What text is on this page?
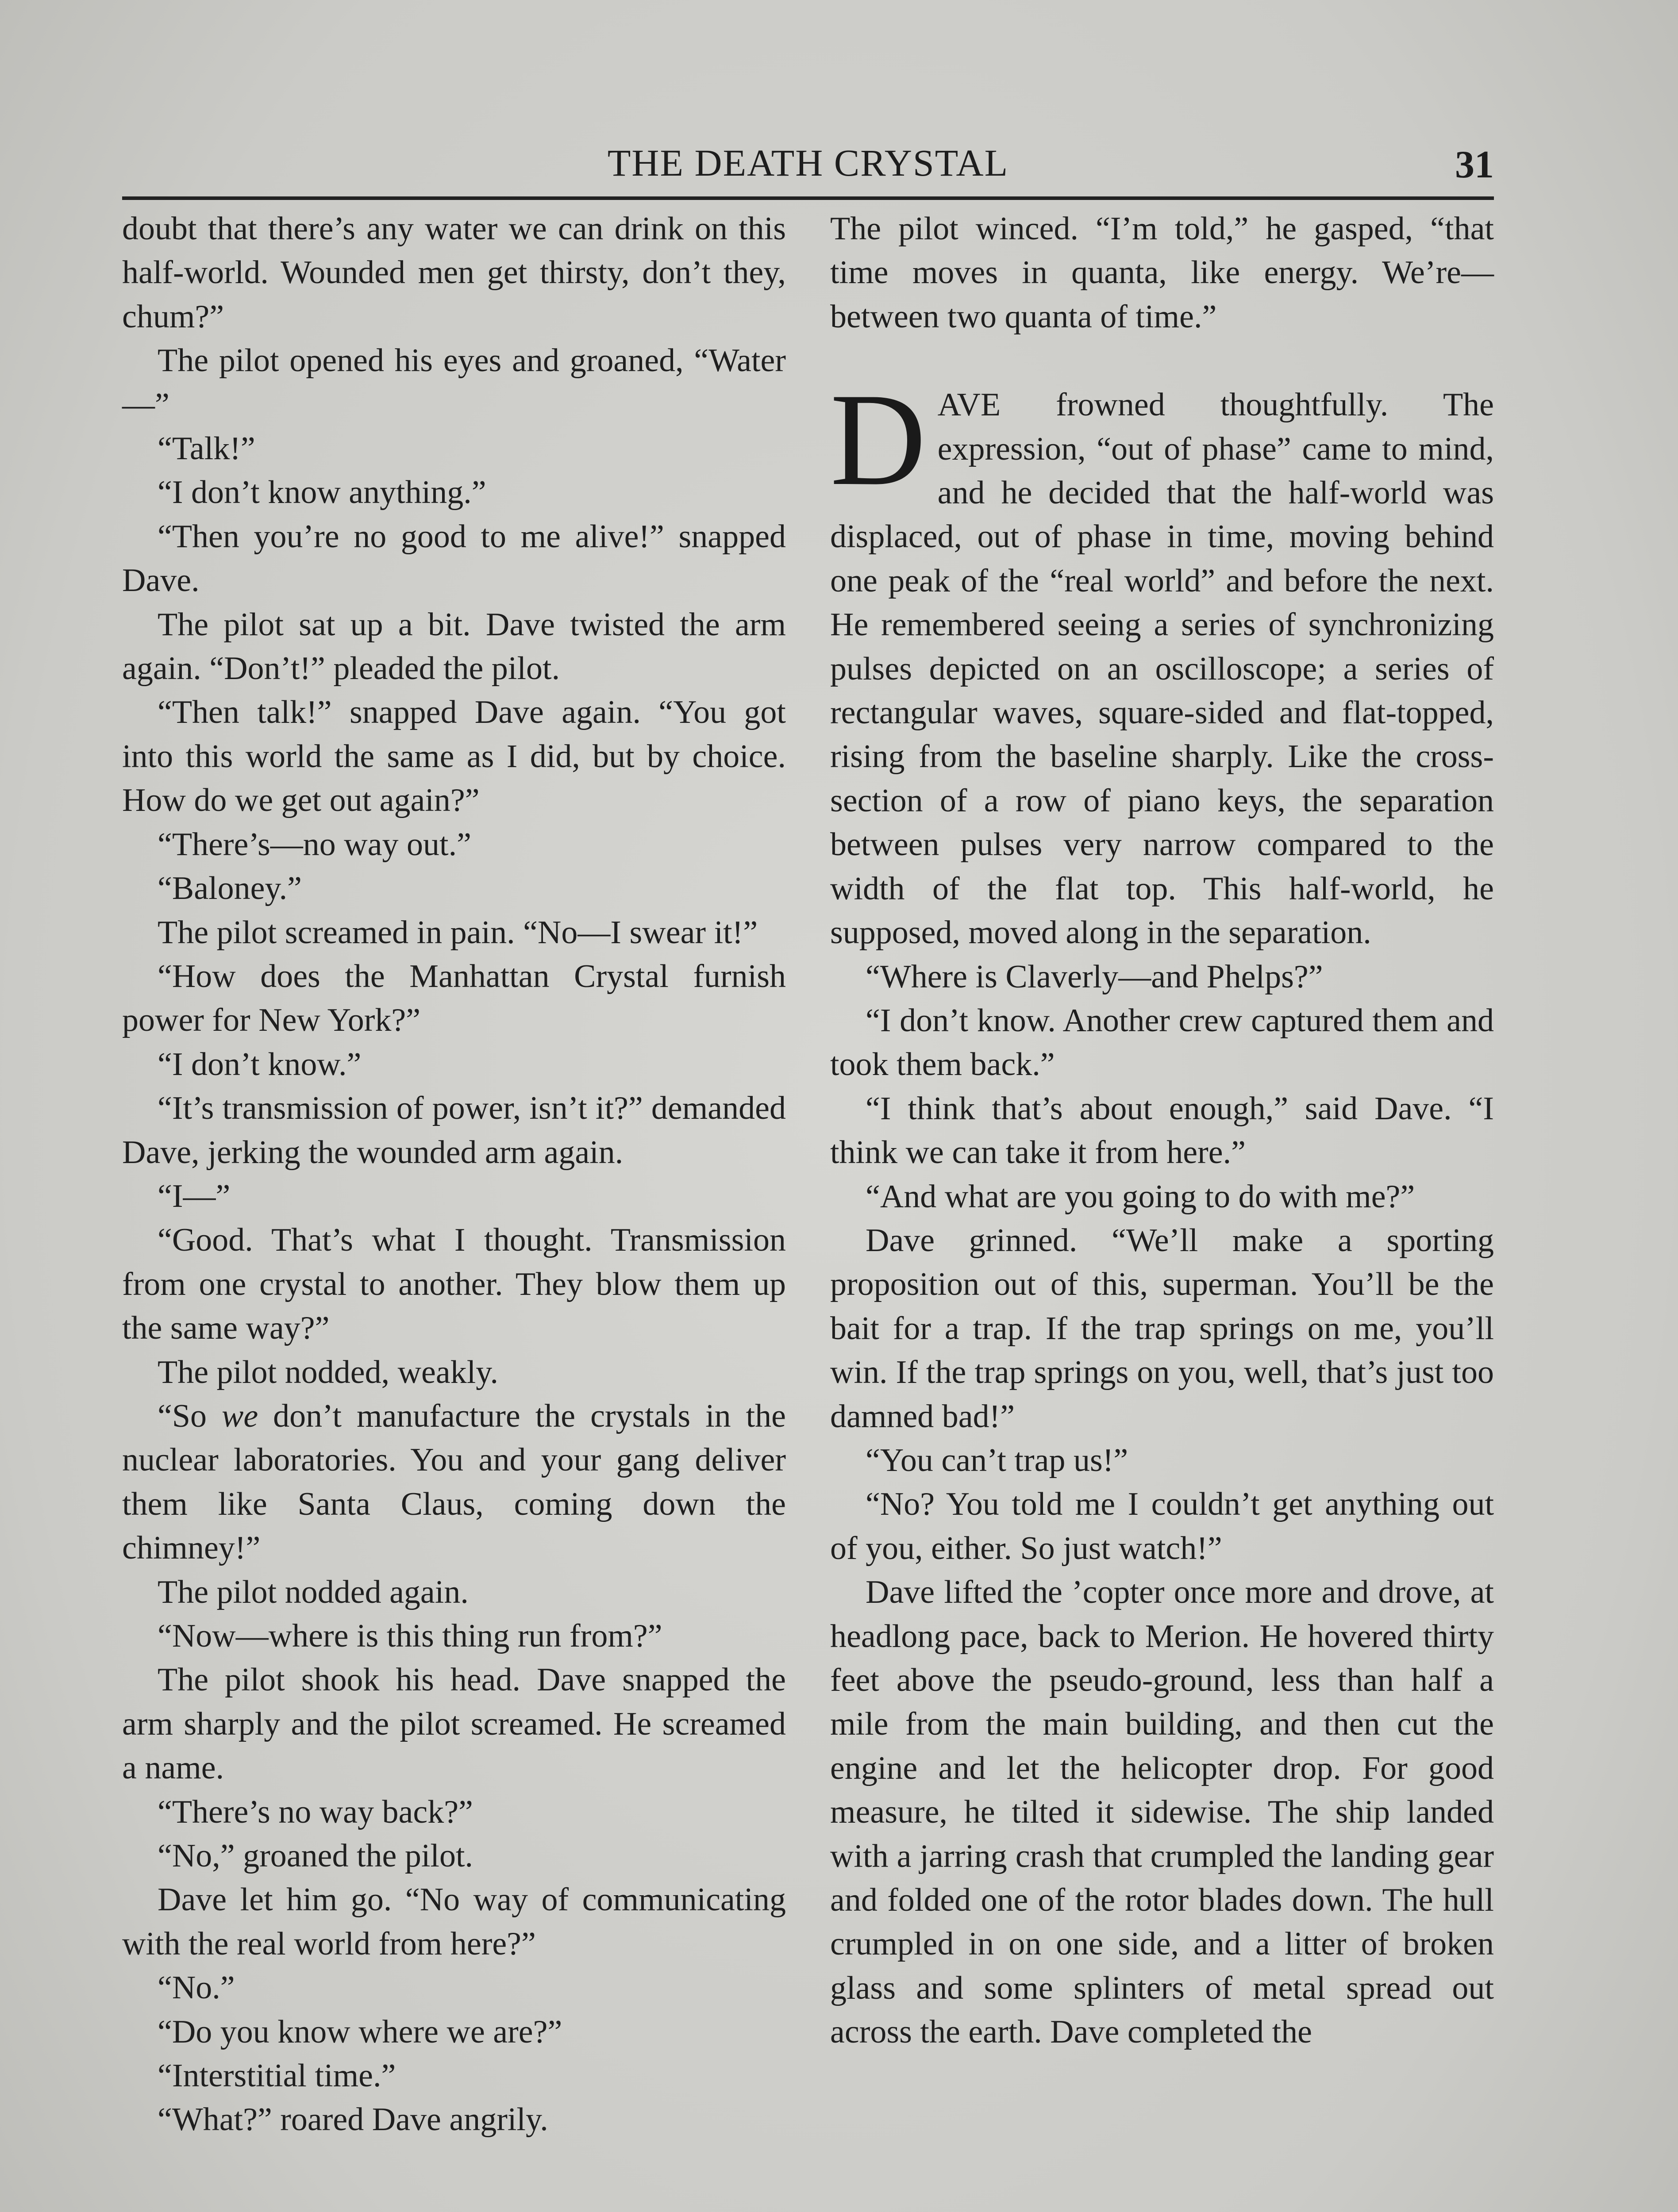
THE DEATH CRYSTAL	31

doubt that there’s any water we can drink on this half-world. Wounded men get thirsty, don’t they, chum?”

The pilot opened his eyes and groaned, “Water—”

“Talk!”

“I don’t know anything.”

“Then you’re no good to me alive!” snapped Dave.

The pilot sat up a bit. Dave twisted the arm again. “Don’t!” pleaded the pilot.

“Then talk!” snapped Dave again. “You got into this world the same as I did, but by choice. How do we get out again?”

“There’s—no way out.”

“Baloney.”

The pilot screamed in pain. “No—I swear it!”

“How does the Manhattan Crystal furnish power for New York?”

“I don’t know.”

“It’s transmission of power, isn’t it?” demanded Dave, jerking the wounded arm again.

“I—”

“Good. That’s what I thought. Transmission from one crystal to another. They blow them up the same way?”

The pilot nodded, weakly.

“So we don’t manufacture the crystals in the nuclear laboratories. You and your gang deliver them like Santa Claus, coming down the chimney!”

The pilot nodded again.

“Now—where is this thing run from?”

The pilot shook his head. Dave snapped the arm sharply and the pilot screamed. He screamed a name.

“There’s no way back?”

“No,” groaned the pilot.

Dave let him go. “No way of communicating with the real world from here?”

“No.”

“Do you know where we are?”

“Interstitial time.”

“What?” roared Dave angrily.

The pilot winced. “I’m told,” he gasped, “that time moves in quanta, like energy. We’re—between two quanta of time.”

DAVE frowned thoughtfully. The expression, “out of phase” came to mind, and he decided that the half-world was displaced, out of phase in time, moving behind one peak of the “real world” and before the next. He remembered seeing a series of synchronizing pulses depicted on an oscilloscope; a series of rectangular waves, square-sided and flat-topped, rising from the baseline sharply. Like the cross-section of a row of piano keys, the separation between pulses very narrow compared to the width of the flat top. This half-world, he supposed, moved along in the separation.

“Where is Claverly—and Phelps?”

“I don’t know. Another crew captured them and took them back.”

“I think that’s about enough,” said Dave. “I think we can take it from here.”

“And what are you going to do with me?”

Dave grinned. “We’ll make a sporting proposition out of this, superman. You’ll be the bait for a trap. If the trap springs on me, you’ll win. If the trap springs on you, well, that’s just too damned bad!”

“You can’t trap us!”

“No? You told me I couldn’t get anything out of you, either. So just watch!”

Dave lifted the ’copter once more and drove, at headlong pace, back to Merion. He hovered thirty feet above the pseudo-ground, less than half a mile from the main building, and then cut the engine and let the helicopter drop. For good measure, he tilted it sidewise. The ship landed with a jarring crash that crumpled the landing gear and folded one of the rotor blades down. The hull crumpled in on one side, and a litter of broken glass and some splinters of metal spread out across the earth. Dave completed the
